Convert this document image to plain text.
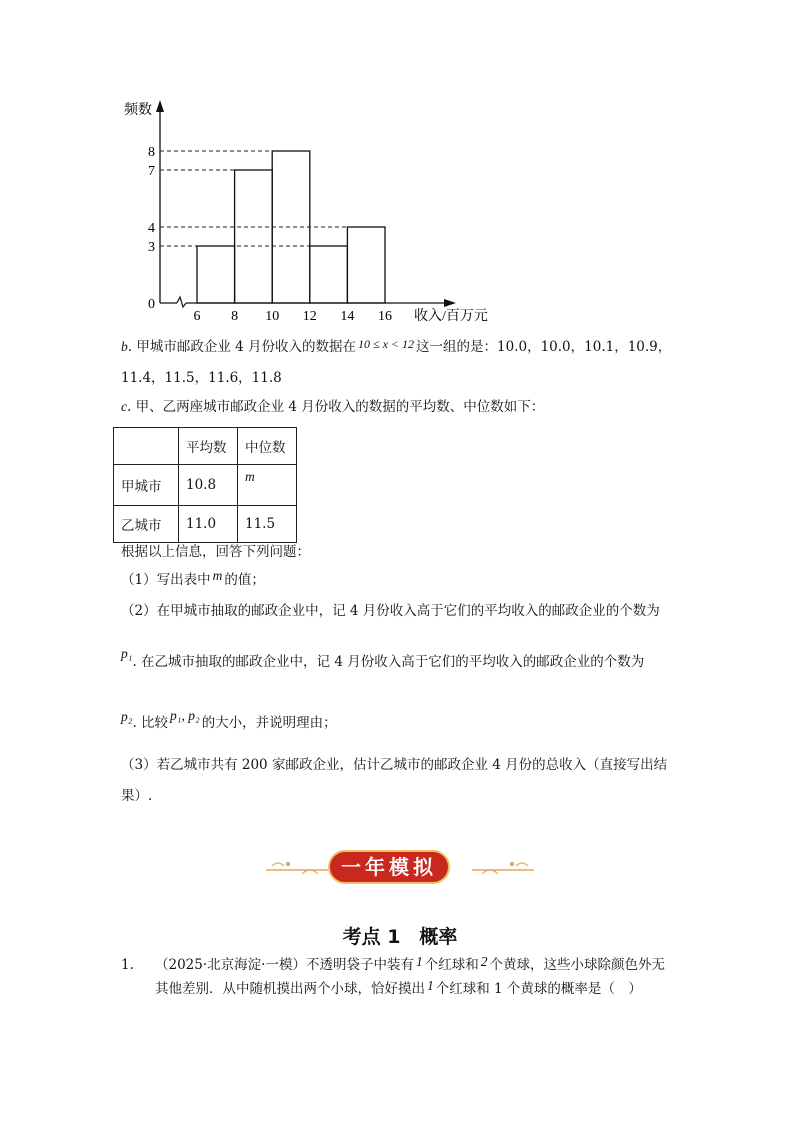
频数
8
7
4
3
0
6 8 10 12 14 16 收入/百万元
b. 甲城市邮政企业 4 月份收入的数据在 10 ≤ x < 12 这一组的是：10.0，10.0，10.1，10.9，
11.4，11.5，11.6，11.8
c. 甲、乙两座城市邮政企业 4 月份收入的数据的平均数、中位数如下：
	平均数	中位数
甲城市	10.8	m
乙城市	11.0	11.5
根据以上信息，回答下列问题：
（1）写出表中 m 的值；
（2）在甲城市抽取的邮政企业中，记 4 月份收入高于它们的平均收入的邮政企业的个数为
p₁. 在乙城市抽取的邮政企业中，记 4 月份收入高于它们的平均收入的邮政企业的个数为
p₂. 比较 p₁, p₂ 的大小，并说明理由；
（3）若乙城市共有 200 家邮政企业，估计乙城市的邮政企业 4 月份的总收入（直接写出结
果）.
一年模拟
考点 1　概率
1. （2025·北京海淀·一模）不透明袋子中装有 1 个红球和 2 个黄球，这些小球除颜色外无
其他差别．从中随机摸出两个小球，恰好摸出 1 个红球和 1 个黄球的概率是（　）
